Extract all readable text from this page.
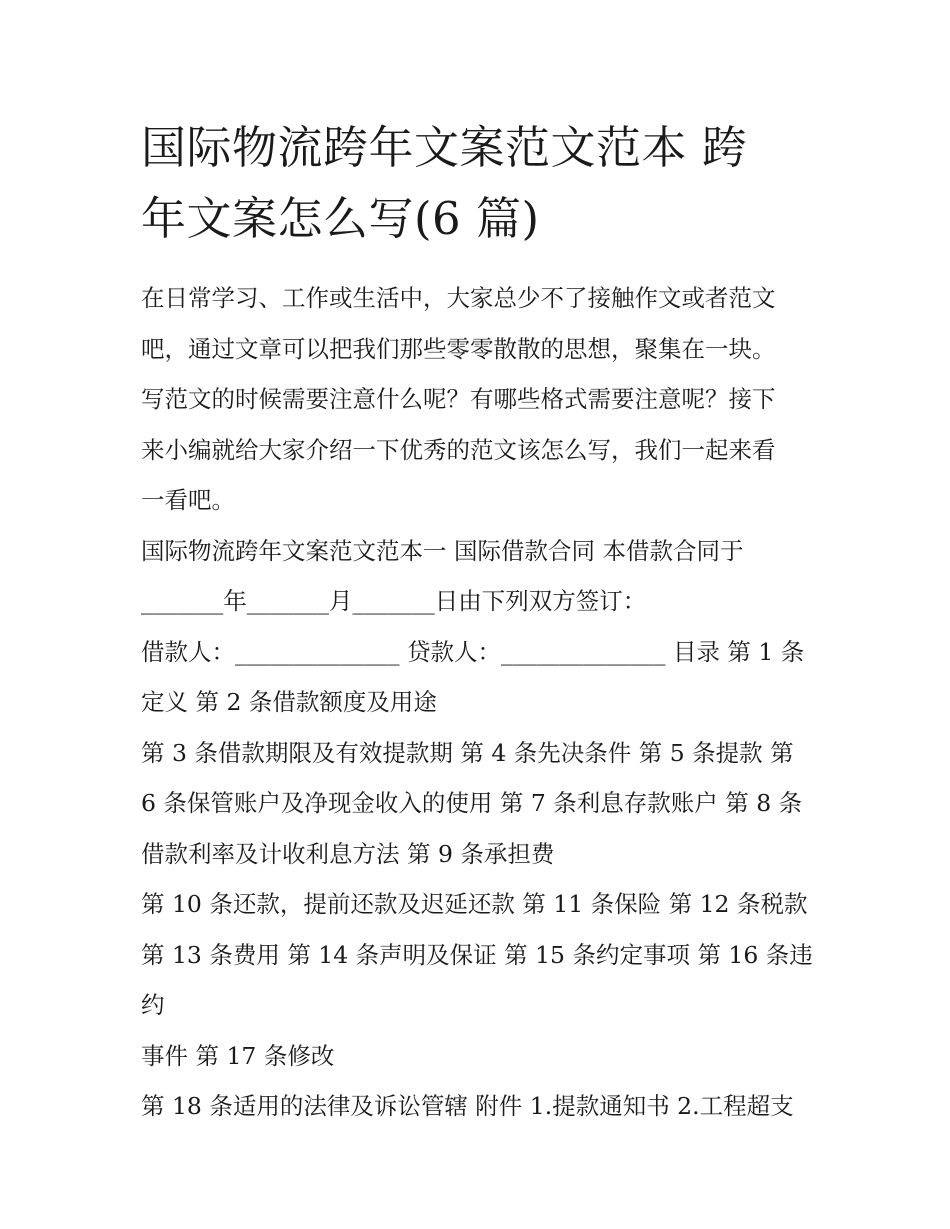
国际物流跨年文案范文范本 跨
年文案怎么写(6 篇)

在日常学习、工作或生活中，大家总少不了接触作文或者范文
吧，通过文章可以把我们那些零零散散的思想，聚集在一块。
写范文的时候需要注意什么呢？有哪些格式需要注意呢？接下
来小编就给大家介绍一下优秀的范文该怎么写，我们一起来看
一看吧。

国际物流跨年文案范文范本一 国际借款合同 本借款合同于
_______年_______月_______日由下列双方签订：

借款人：______________ 贷款人：______________ 目录 第 1 条
定义 第 2 条借款额度及用途

第 3 条借款期限及有效提款期 第 4 条先决条件 第 5 条提款 第
6 条保管账户及净现金收入的使用 第 7 条利息存款账户 第 8 条
借款利率及计收利息方法 第 9 条承担费

第 10 条还款，提前还款及迟延还款 第 11 条保险 第 12 条税款
第 13 条费用 第 14 条声明及保证 第 15 条约定事项 第 16 条违约
事件 第 17 条修改

第 18 条适用的法律及诉讼管辖 附件 1.提款通知书 2.工程超支
